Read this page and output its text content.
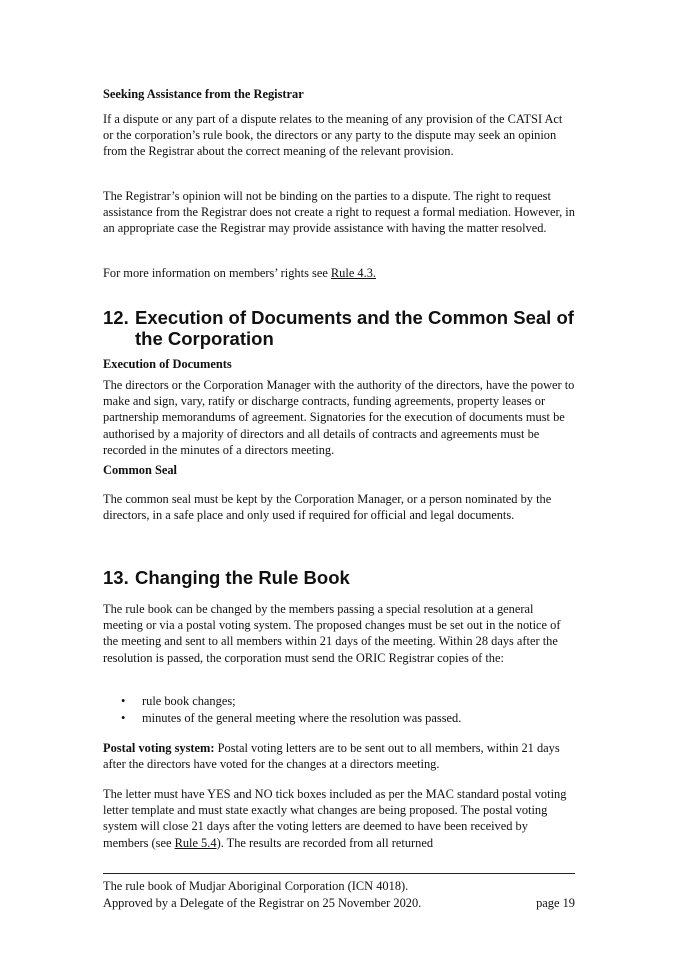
Seeking Assistance from the Registrar

If a dispute or any part of a dispute relates to the meaning of any provision of the CATSI Act or the corporation’s rule book, the directors or any party to the dispute may seek an opinion from the Registrar about the correct meaning of the relevant provision.

The Registrar’s opinion will not be binding on the parties to a dispute. The right to request assistance from the Registrar does not create a right to request a formal mediation. However, in an appropriate case the Registrar may provide assistance with having the matter resolved.

For more information on members’ rights see Rule 4.3.

12. Execution of Documents and the Common Seal of the Corporation

Execution of Documents

The directors or the Corporation Manager with the authority of the directors, have the power to make and sign, vary, ratify or discharge contracts, funding agreements, property leases or partnership memorandums of agreement. Signatories for the execution of documents must be authorised by a majority of directors and all details of contracts and agreements must be recorded in the minutes of a directors meeting.

Common Seal

The common seal must be kept by the Corporation Manager, or a person nominated by the directors, in a safe place and only used if required for official and legal documents.

13. Changing the Rule Book

The rule book can be changed by the members passing a special resolution at a general meeting or via a postal voting system. The proposed changes must be set out in the notice of the meeting and sent to all members within 21 days of the meeting. Within 28 days after the resolution is passed, the corporation must send the ORIC Registrar copies of the:

• rule book changes;
• minutes of the general meeting where the resolution was passed.

Postal voting system: Postal voting letters are to be sent out to all members, within 21 days after the directors have voted for the changes at a directors meeting.

The letter must have YES and NO tick boxes included as per the MAC standard postal voting letter template and must state exactly what changes are being proposed. The postal voting system will close 21 days after the voting letters are deemed to have been received by members (see Rule 5.4). The results are recorded from all returned

The rule book of Mudjar Aboriginal Corporation (ICN 4018).
Approved by a Delegate of the Registrar on 25 November 2020.	page 19
